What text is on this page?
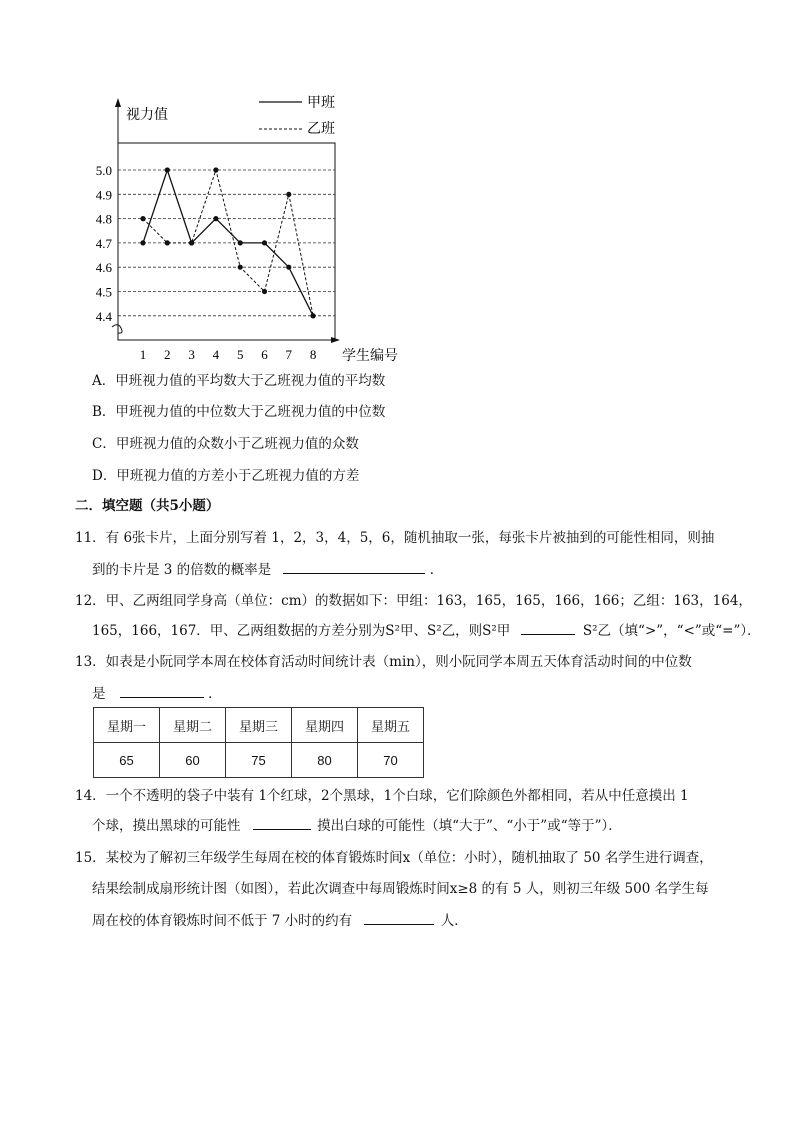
5.0
4.9
4.8
4.7
4.6
4.5
4.4
1 2 3 4 5 6 7 8
视力值
学生编号
甲班
乙班
A．甲班视力值的平均数大于乙班视力值的平均数
B．甲班视力值的中位数大于乙班视力值的中位数
C．甲班视力值的众数小于乙班视力值的众数
D．甲班视力值的方差小于乙班视力值的方差
二．填空题（共5小题）
11．有 6张卡片，上面分别写着 1，2，3，4，5，6，随机抽取一张，每张卡片被抽到的可能性相同，则抽
到的卡片是 3 的倍数的概率是	．
12．甲、乙两组同学身高（单位：cm）的数据如下：甲组：163，165，165，166，166；乙组：163，164，
165，166，167．甲、乙两组数据的方差分别为S²甲、S²乙，则S²甲	S²乙（填“>”，“<”或“=”）．
13．如表是小阮同学本周在校体育活动时间统计表（min），则小阮同学本周五天体育活动时间的中位数
是	．
星期一	星期二	星期三	星期四	星期五
65	60	75	80	70
14．一个不透明的袋子中装有 1个红球，2个黑球，1个白球，它们除颜色外都相同，若从中任意摸出 1
个球，摸出黑球的可能性	摸出白球的可能性（填“大于”、“小于”或“等于”）．
15．某校为了解初三年级学生每周在校的体育锻炼时间x（单位：小时），随机抽取了 50 名学生进行调查，
结果绘制成扇形统计图（如图），若此次调查中每周锻炼时间x≥8 的有 5 人，则初三年级 500 名学生每
周在校的体育锻炼时间不低于 7 小时的约有	人．
